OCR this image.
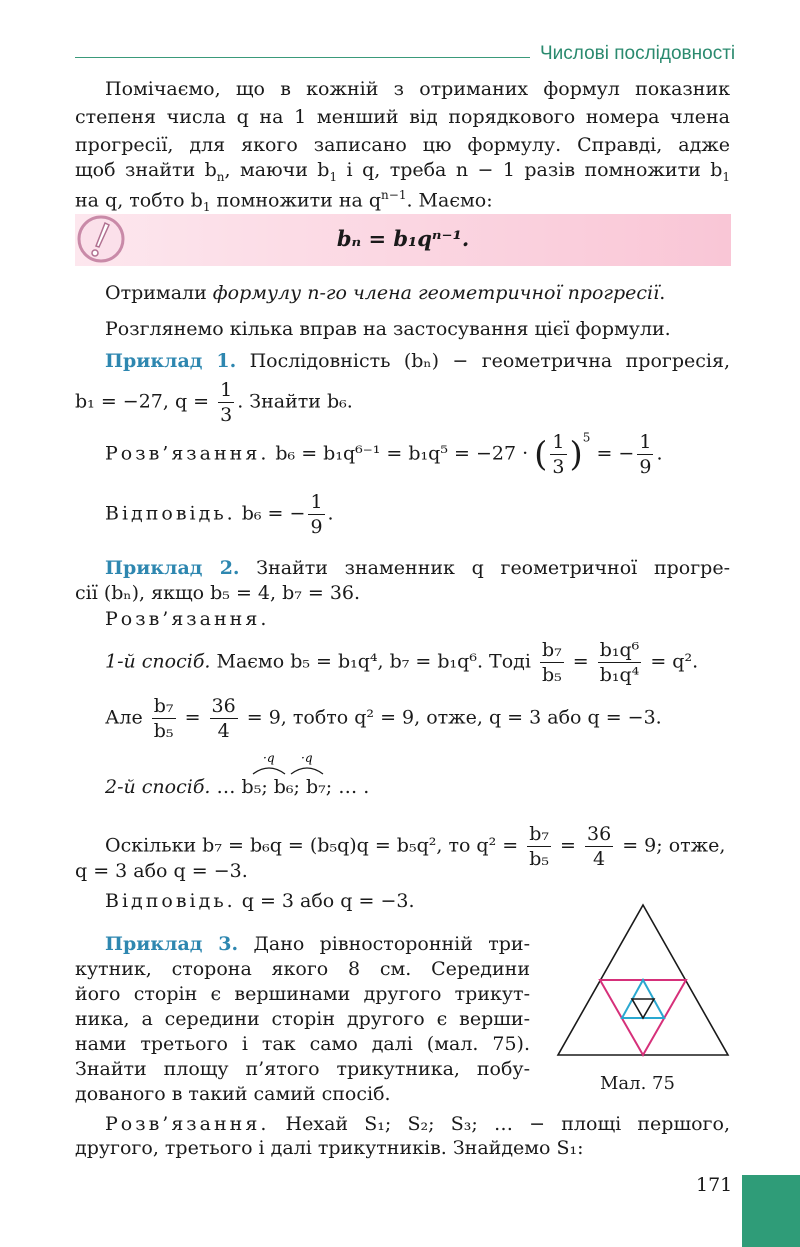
Числові послідовності
Помічаємо, що в кожній з отриманих формул показник
степеня числа q на 1 менший від порядкового номера члена
прогресії, для якого записано цю формулу. Справді, адже
щоб знайти $b_n$, маючи $b_1$ і q, треба n − 1 разів помножити $b_1$
на q, тобто $b_1$ помножити на $q^{n-1}$. Маємо:
bₙ = b₁qⁿ⁻¹.
Отримали формулу n-го члена геометричної прогресії.
Розглянемо кілька вправ на застосування цієї формули.
Приклад 1. Послідовність (bₙ) − геометрична прогресія,
b₁ = −27, $q = \frac{1}{3}$ . Знайти b₆.
Розв’язання. b₆ = b₁q⁶⁻¹ = b₁q⁵ = −27 · ( $\frac{1}{3} )^5$ = − $\frac{1}{9}$ .
Відповідь. b₆ = − $\frac{1}{9}$ .
Приклад 2. Знайти знаменник q геометричної прогре-
сії (bₙ), якщо b₅ = 4, b₇ = 36.
Розв’язання.
1-й спосіб. Маємо b₅ = b₁q⁴, b₇ = b₁q⁶. Тоді $\frac{\text{b₇}}{\text{b₅}} = \frac{\text{b₁q⁶}}{\text{b₁q⁴}} = q^2$.
Але $\frac{\text{b₇}}{\text{b₅}} = \frac{36}{4} = 9$, тобто q² = 9, отже, q = 3 або q = −3.
·q ·q
2-й спосіб. … b₅; b₆; b₇; … .
Оскільки b₇ = b₆q = (b₅q)q = b₅q², то $q^2 = \frac{\text{b₇}}{\text{b₅}} = \frac{36}{4} = 9$; отже,
q = 3 або q = −3.
Відповідь. q = 3 або q = −3.
Приклад 3. Дано рівносторонній три-
кутник, сторона якого 8 см. Середини
його сторін є вершинами другого трикут-
ника, а середини сторін другого є верши-
нами третього і так само далі (мал. 75).
Знайти площу п’ятого трикутника, побу-
дованого в такий самий спосіб.	Мал. 75
Розв’язання. Нехай S₁; S₂; S₃; … − площі першого,
другого, третього і далі трикутників. Знайдемо S₁:
171
